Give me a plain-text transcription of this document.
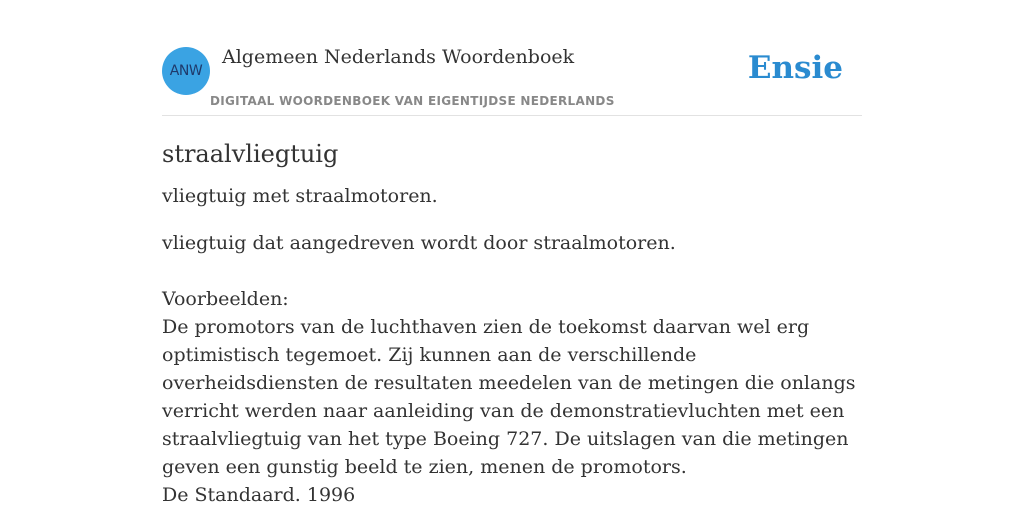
ANW
Algemeen Nederlands Woordenboek
DIGITAAL WOORDENBOEK VAN EIGENTIJDSE NEDERLANDS
Ensie
straalvliegtuig

vliegtuig met straalmotoren.

vliegtuig dat aangedreven wordt door straalmotoren.

Voorbeelden:
De promotors van de luchthaven zien de toekomst daarvan wel erg optimistisch tegemoet. Zij kunnen aan de verschillende overheidsdiensten de resultaten meedelen van de metingen die onlangs verricht werden naar aanleiding van de demonstratievluchten met een straalvliegtuig van het type Boeing 727. De uitslagen van die metingen geven een gunstig beeld te zien, menen de promotors.
De Standaard. 1996
